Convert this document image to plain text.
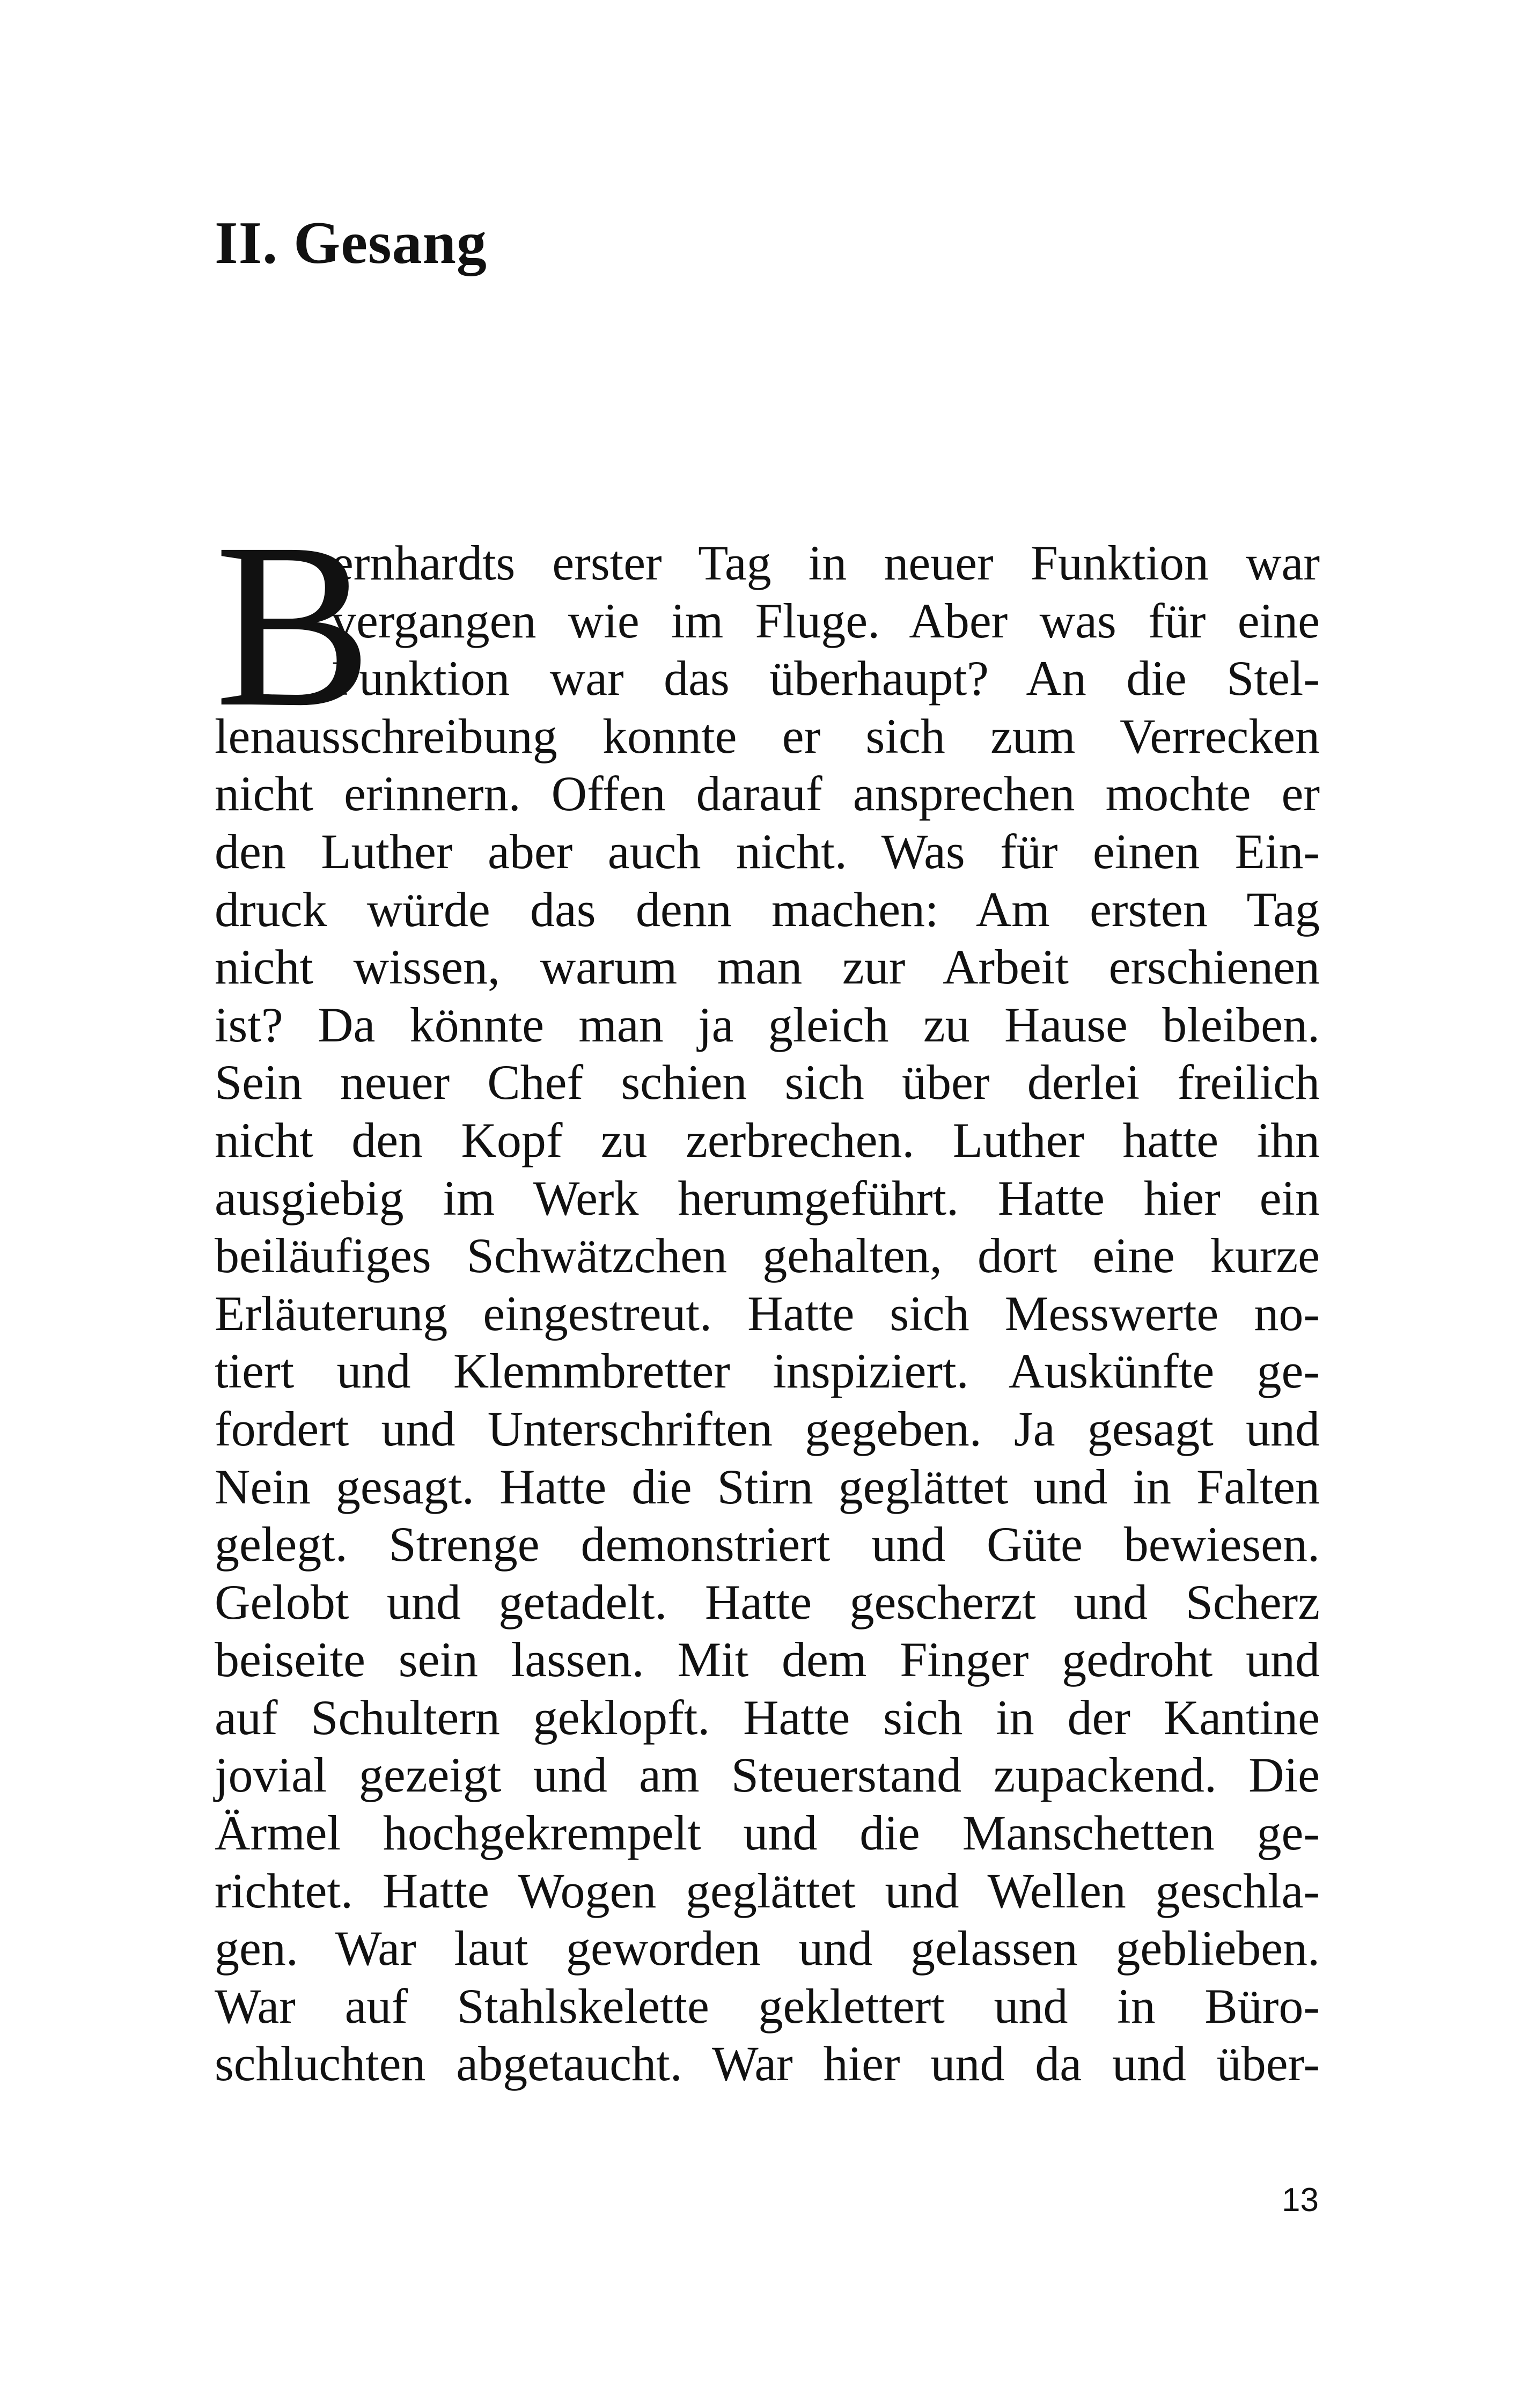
II. Gesang
B
ernhardts erster Tag in neuer Funktion war
vergangen wie im Fluge. Aber was für eine
Funktion war das überhaupt? An die Stel-
lenausschreibung konnte er sich zum Verrecken
nicht erinnern. Offen darauf ansprechen mochte er
den Luther aber auch nicht. Was für einen Ein-
druck würde das denn machen: Am ersten Tag
nicht wissen, warum man zur Arbeit erschienen
ist? Da könnte man ja gleich zu Hause bleiben.
Sein neuer Chef schien sich über derlei freilich
nicht den Kopf zu zerbrechen. Luther hatte ihn
ausgiebig im Werk herumgeführt. Hatte hier ein
beiläufiges Schwätzchen gehalten, dort eine kurze
Erläuterung eingestreut. Hatte sich Messwerte no-
tiert und Klemmbretter inspiziert. Auskünfte ge-
fordert und Unterschriften gegeben. Ja gesagt und
Nein gesagt. Hatte die Stirn geglättet und in Falten
gelegt. Strenge demonstriert und Güte bewiesen.
Gelobt und getadelt. Hatte gescherzt und Scherz
beiseite sein lassen. Mit dem Finger gedroht und
auf Schultern geklopft. Hatte sich in der Kantine
jovial gezeigt und am Steuerstand zupackend. Die
Ärmel hochgekrempelt und die Manschetten ge-
richtet. Hatte Wogen geglättet und Wellen geschla-
gen. War laut geworden und gelassen geblieben.
War auf Stahlskelette geklettert und in Büro-
schluchten abgetaucht. War hier und da und über-
13
